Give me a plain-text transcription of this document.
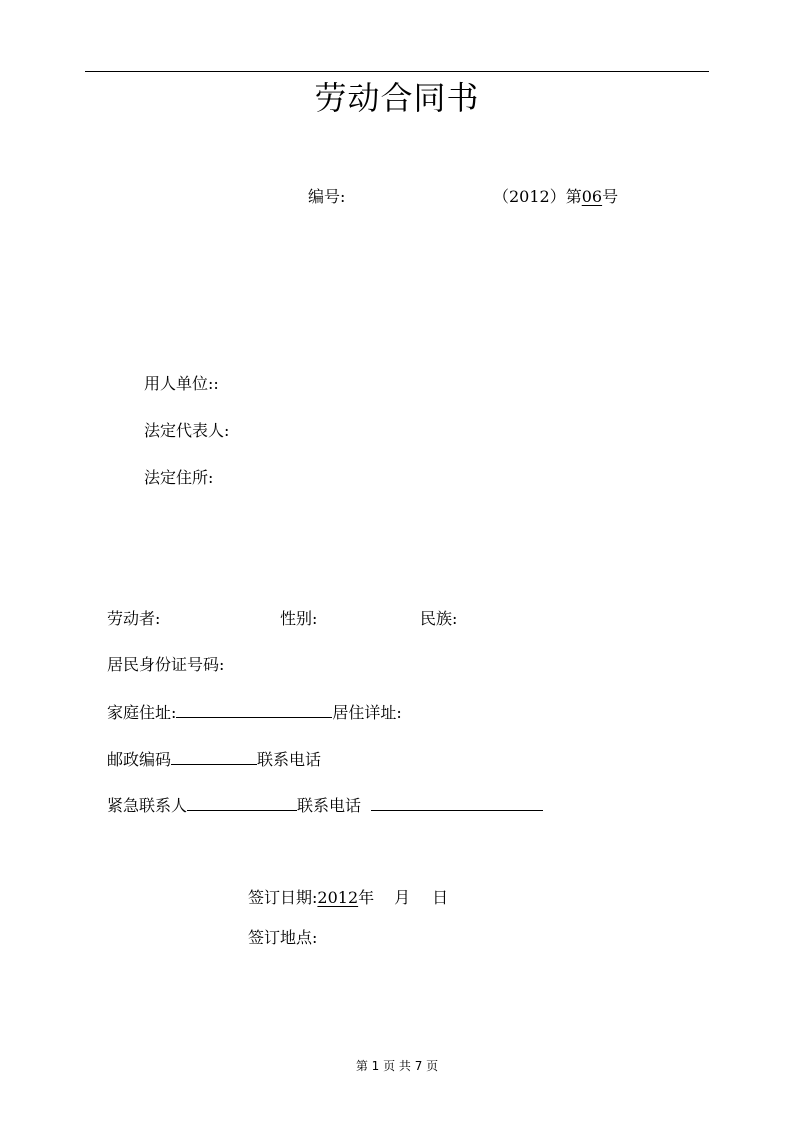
劳动合同书
编号:	（2012）第06号
用人单位::
法定代表人:
法定住所:
劳动者:	性别:	民族:
居民身份证号码:
家庭住址:	居住详址:
邮政编码	联系电话
紧急联系人	联系电话
签订日期:2012年 月 日
签订地点:
第 1 页 共 7 页
